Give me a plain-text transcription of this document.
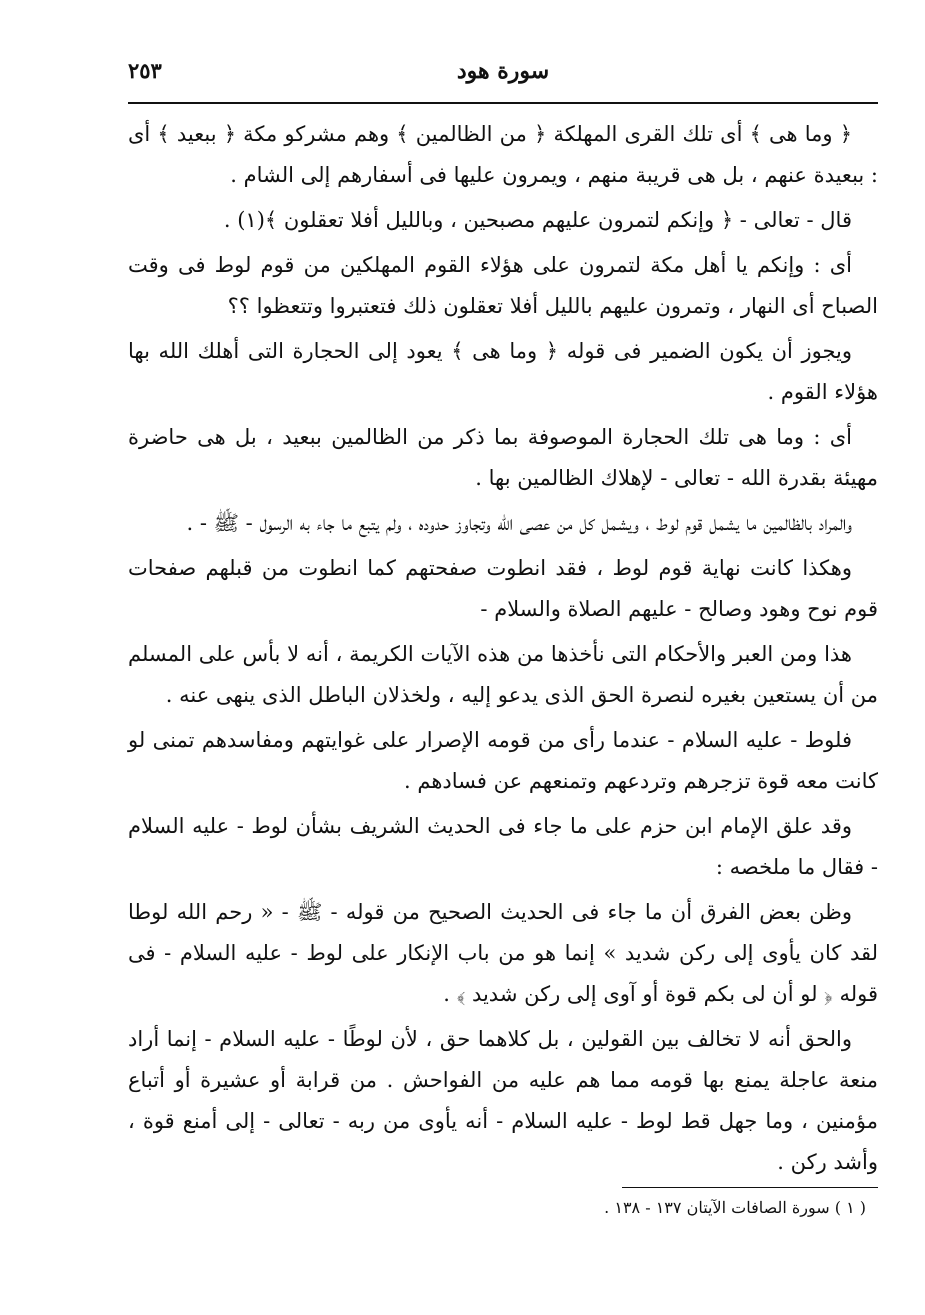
٢٥٣	سورة هود

﴿ وما هى ﴾ أى تلك القرى المهلكة ﴿ من الظالمين ﴾ وهم مشركو مكة ﴿ ببعيد ﴾ أى : ببعيدة عنهم ، بل هى قريبة منهم ، ويمرون عليها فى أسفارهم إلى الشام .

قال - تعالى - ﴿ وإنكم لتمرون عليهم مصبحين ، وبالليل أفلا تعقلون ﴾(١) .

أى : وإنكم يا أهل مكة لتمرون على هؤلاء القوم المهلكين من قوم لوط فى وقت الصباح أى النهار ، وتمرون عليهم بالليل أفلا تعقلون ذلك فتعتبروا وتتعظوا ؟؟

ويجوز أن يكون الضمير فى قوله ﴿ وما هى ﴾ يعود إلى الحجارة التى أهلك الله بها هؤلاء القوم .

أى : وما هى تلك الحجارة الموصوفة بما ذكر من الظالمين ببعيد ، بل هى حاضرة مهيئة بقدرة الله - تعالى - لإهلاك الظالمين بها .

والمراد بالظالمين ما يشمل قوم لوط ، ويشمل كل من عصى الله وتجاوز حدوده ، ولم يتبع ما جاء به الرسول - ﷺ - .

وهكذا كانت نهاية قوم لوط ، فقد انطوت صفحتهم كما انطوت من قبلهم صفحات قوم نوح وهود وصالح - عليهم الصلاة والسلام -

هذا ومن العبر والأحكام التى نأخذها من هذه الآيات الكريمة ، أنه لا بأس على المسلم من أن يستعين بغيره لنصرة الحق الذى يدعو إليه ، ولخذلان الباطل الذى ينهى عنه .

فلوط - عليه السلام - عندما رأى من قومه الإصرار على غوايتهم ومفاسدهم تمنى لو كانت معه قوة تزجرهم وتردعهم وتمنعهم عن فسادهم .

وقد علق الإمام ابن حزم على ما جاء فى الحديث الشريف بشأن لوط - عليه السلام - فقال ما ملخصه :

وظن بعض الفرق أن ما جاء فى الحديث الصحيح من قوله - ﷺ - « رحم الله لوطا لقد كان يأوى إلى ركن شديد » إنما هو من باب الإنكار على لوط - عليه السلام - فى قوله ﴿ لو أن لى بكم قوة أو آوى إلى ركن شديد ﴾ .

والحق أنه لا تخالف بين القولين ، بل كلاهما حق ، لأن لوطًا - عليه السلام - إنما أراد منعة عاجلة يمنع بها قومه مما هم عليه من الفواحش . من قرابة أو عشيرة أو أتباع مؤمنين ، وما جهل قط لوط - عليه السلام - أنه يأوى من ربه - تعالى - إلى أمنع قوة ، وأشد ركن .

( ١ ) سورة الصافات الآيتان ١٣٧ - ١٣٨ .
